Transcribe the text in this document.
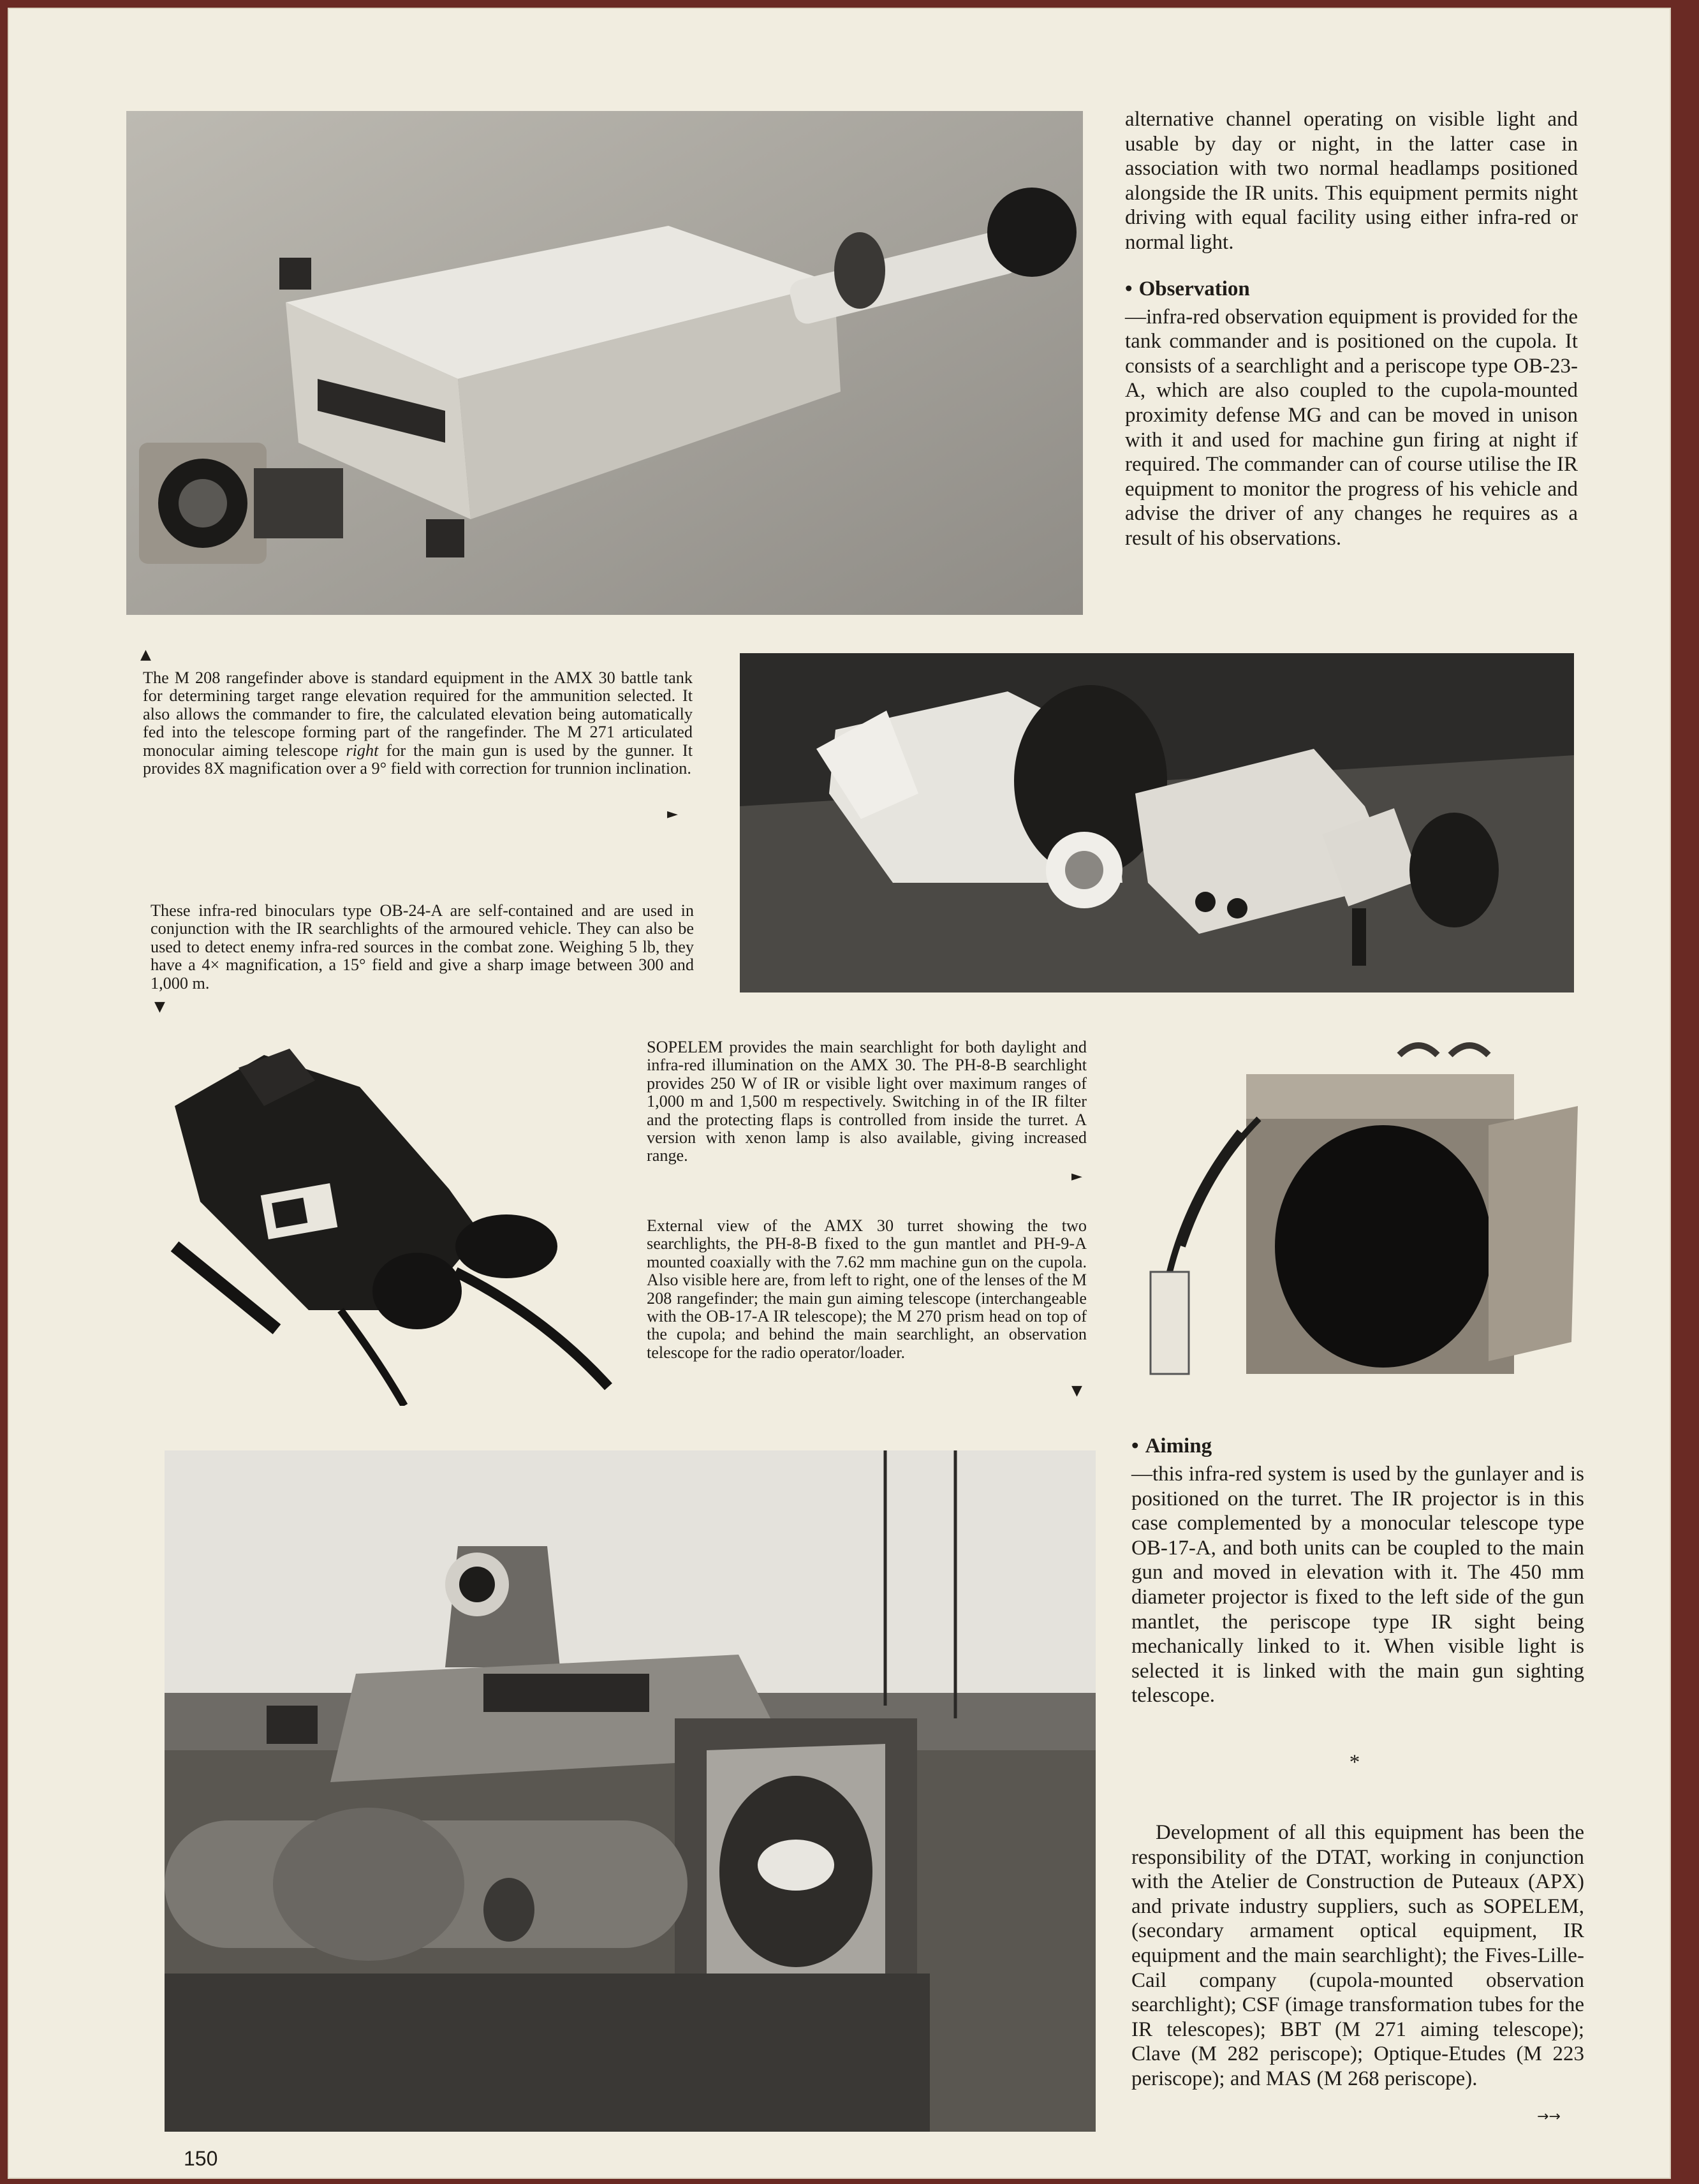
alternative channel operating on visible light and usable by day or night, in the latter case in association with two normal headlamps positioned alongside the IR units. This equipment permits night driving with equal facility using either infra-red or normal light.

• Observation

—infra-red observation equipment is provided for the tank commander and is positioned on the cupola. It consists of a searchlight and a periscope type OB-23-A, which are also coupled to the cupola-mounted proximity defense MG and can be moved in unison with it and used for machine gun firing at night if required. The commander can of course utilise the IR equipment to monitor the progress of his vehicle and advise the driver of any changes he requires as a result of his observations.

▲

The M 208 rangefinder above is standard equipment in the AMX 30 battle tank for determining target range elevation required for the ammunition selected. It also allows the commander to fire, the calculated elevation being automatically fed into the telescope forming part of the rangefinder. The M 271 articulated monocular aiming telescope right for the main gun is used by the gunner. It provides 8X magnification over a 9° field with correction for trunnion inclination.

►

These infra-red binoculars type OB-24-A are self-contained and are used in conjunction with the IR searchlights of the armoured vehicle. They can also be used to detect enemy infra-red sources in the combat zone. Weighing 5 lb, they have a 4× magnification, a 15° field and give a sharp image between 300 and 1,000 m.

▼

SOPELEM provides the main searchlight for both daylight and infra-red illumination on the AMX 30. The PH-8-B searchlight provides 250 W of IR or visible light over maximum ranges of 1,000 m and 1,500 m respectively. Switching in of the IR filter and the protecting flaps is controlled from inside the turret. A version with xenon lamp is also available, giving increased range.

►

External view of the AMX 30 turret showing the two searchlights, the PH-8-B fixed to the gun mantlet and PH-9-A mounted coaxially with the 7.62 mm machine gun on the cupola. Also visible here are, from left to right, one of the lenses of the M 208 rangefinder; the main gun aiming telescope (interchangeable with the OB-17-A IR telescope); the M 270 prism head on top of the cupola; and behind the main searchlight, an observation telescope for the radio operator/loader.

▼
• Aiming

—this infra-red system is used by the gunlayer and is positioned on the turret. The IR projector is in this case complemented by a monocular telescope type OB-17-A, and both units can be coupled to the main gun and moved in elevation with it. The 450 mm diameter projector is fixed to the left side of the gun mantlet, the periscope type IR sight being mechanically linked to it. When visible light is selected it is linked with the main gun sighting telescope.

*

Development of all this equipment has been the responsibility of the DTAT, working in conjunction with the Atelier de Construction de Puteaux (APX) and private industry suppliers, such as SOPELEM, (secondary armament optical equipment, IR equipment and the main searchlight); the Fives-Lille-Cail company (cupola-mounted observation searchlight); CSF (image transformation tubes for the IR telescopes); BBT (M 271 aiming telescope); Clave (M 282 periscope); Optique-Etudes (M 223 periscope); and MAS (M 268 periscope).

→→
150
